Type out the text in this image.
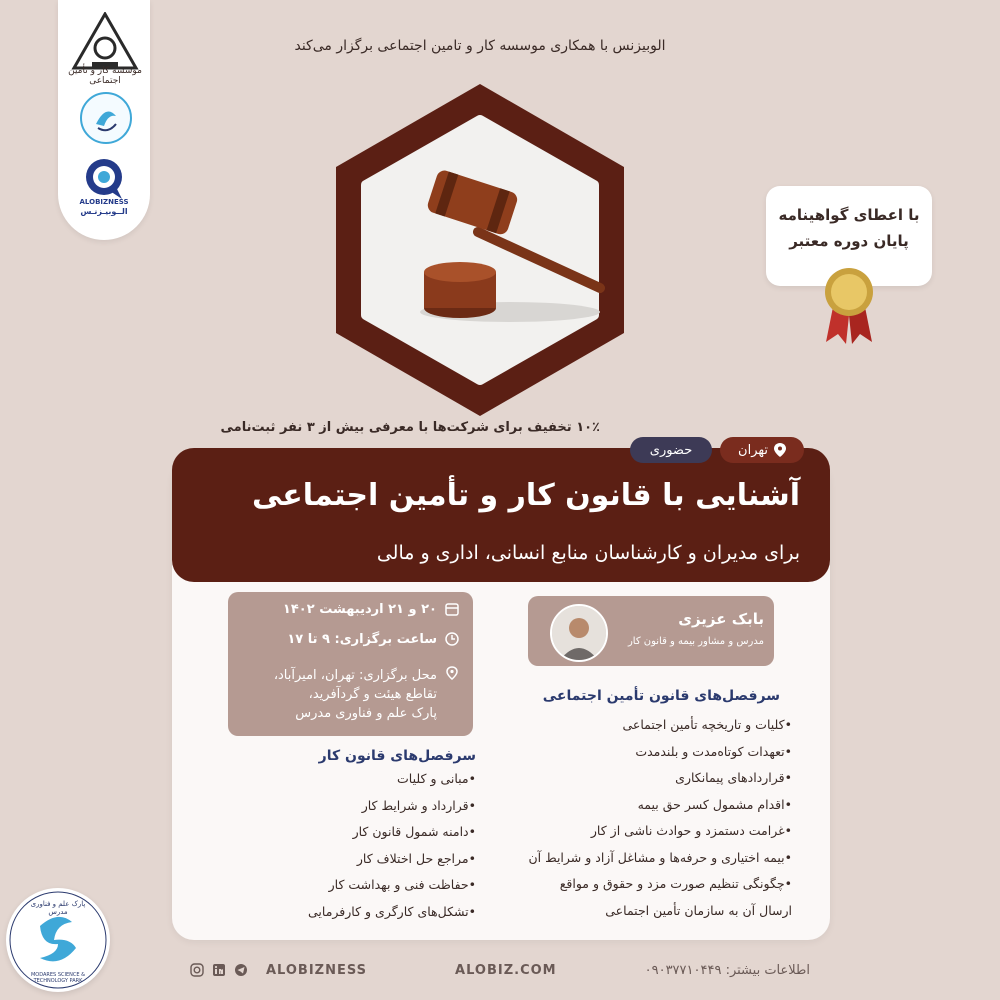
موسسه کار و تأمین اجتماعی
ALOBIZNESS
الــوبیـزنـس
الوبیزنس با همکاری موسسه کار و تامین اجتماعی برگزار می‌کند
با اعطای گواهینامه
پایان دوره معتبر
۱۰٪ تخفیف برای شرکت‌ها با معرفی بیش از ۳ نفر ثبت‌نامی
تهران
حضوری
آشنایی با قانون کار و تأمین اجتماعی
برای مدیران و کارشناسان منابع انسانی، اداری و مالی
۲۰ و ۲۱ اردیبهشت ۱۴۰۲
ساعت برگزاری: ۹ تا ۱۷
محل برگزاری: تهران، امیرآباد،
تقاطع هیئت و گردآفرید،
پارک علم و فناوری مدرس
بابک عزیزی
مدرس و مشاور بیمه و قانون کار
سرفصل‌های قانون تأمین اجتماعی
•کلیات و تاریخچه تأمین اجتماعی
•تعهدات کوتاه‌مدت و بلندمدت
•قراردادهای پیمانکاری
•اقدام مشمول کسر حق بیمه
•غرامت دستمزد و حوادث ناشی از کار
•بیمه اختیاری و حرفه‌ها و مشاغل آزاد و شرایط آن
•چگونگی تنظیم صورت مزد و حقوق و مواقع
ارسال آن به سازمان تأمین اجتماعی
سرفصل‌های قانون کار
•مبانی و کلیات
•قرارداد و شرایط کار
•دامنه شمول قانون کار
•مراجع حل اختلاف کار
•حفاظت فنی و بهداشت کار
•تشکل‌های کارگری و کارفرمایی
ALOBIZNESS	ALOBIZ.COM	اطلاعات بیشتر: ۰۹۰۳۷۷۱۰۴۴۹
پارک علم و فناوری مدرس
MODARES SCIENCE & TECHNOLOGY PARK
